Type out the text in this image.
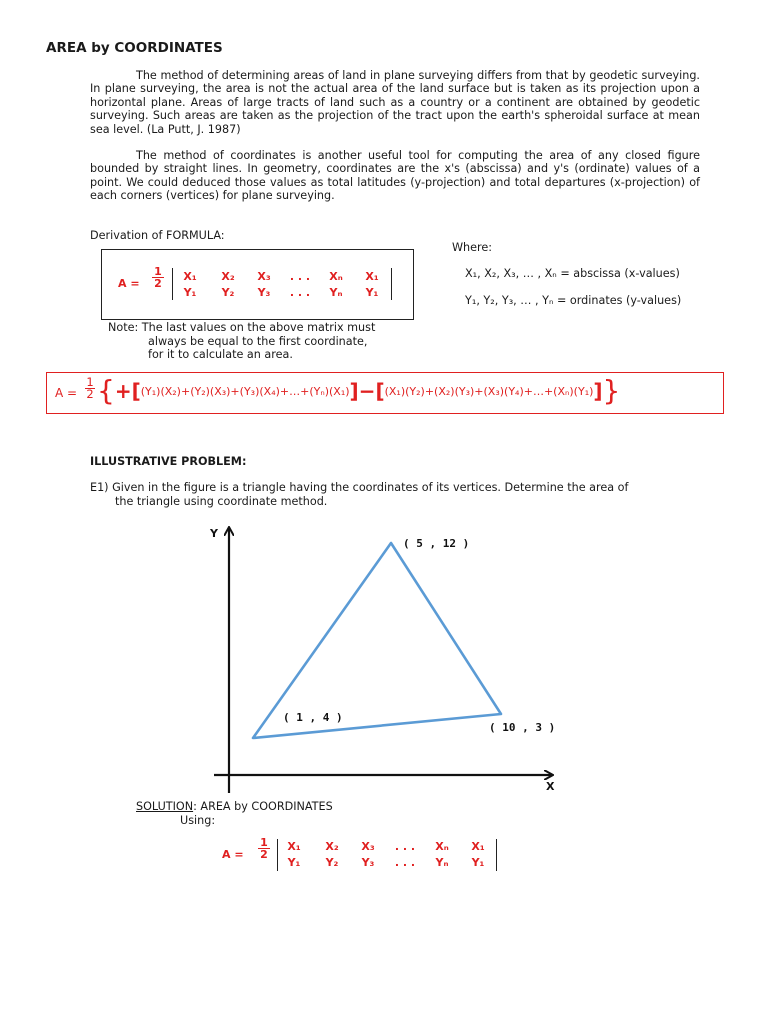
AREA by COORDINATES

The method of determining areas of land in plane surveying differs from that by geodetic surveying. In plane surveying, the area is not the actual area of the land surface but is taken as its projection upon a horizontal plane. Areas of large tracts of land such as a country or a continent are obtained by geodetic surveying. Such areas are taken as the projection of the tract upon the earth's spheroidal surface at mean sea level. (La Putt, J. 1987)

The method of coordinates is another useful tool for computing the area of any closed figure bounded by straight lines. In geometry, coordinates are the x's (abscissa) and y's (ordinate) values of a point. We could deduced those values as total latitudes (y-projection) and total departures (x-projection) of each corners (vertices) for plane surveying.

Derivation of FORMULA:
$A = \frac{1}{2}$	X₁	X₂	X₃	. . .	Xₙ	X₁
Y₁	Y₂	Y₃	. . .	Yₙ	Y₁
Where:
X₁, X₂, X₃, … , Xₙ = abscissa (x-values)
Y₁, Y₂, Y₃, … , Yₙ = ordinates (y-values)
Note: The last values on the above matrix must
always be equal to the first coordinate,
for it to calculate an area.
$A = \frac{1}{2}$ {+[(Y₁)(X₂)+(Y₂)(X₃)+(Y₃)(X₄)+…+(Yₙ)(X₁)]−[(X₁)(Y₂)+(X₂)(Y₃)+(X₃)(Y₄)+…+(Xₙ)(Y₁)]}
ILLUSTRATIVE PROBLEM:
E1) Given in the figure is a triangle having the coordinates of its vertices. Determine the area of
the triangle using coordinate method.
Y
X
( 5 , 12 )
( 1 , 4 )
( 10 , 3 )
SOLUTION: AREA by COORDINATES
Using:
$A = \frac{1}{2}$	X₁	X₂	X₃	. . .	Xₙ	X₁
Y₁	Y₂	Y₃	. . .	Yₙ	Y₁
